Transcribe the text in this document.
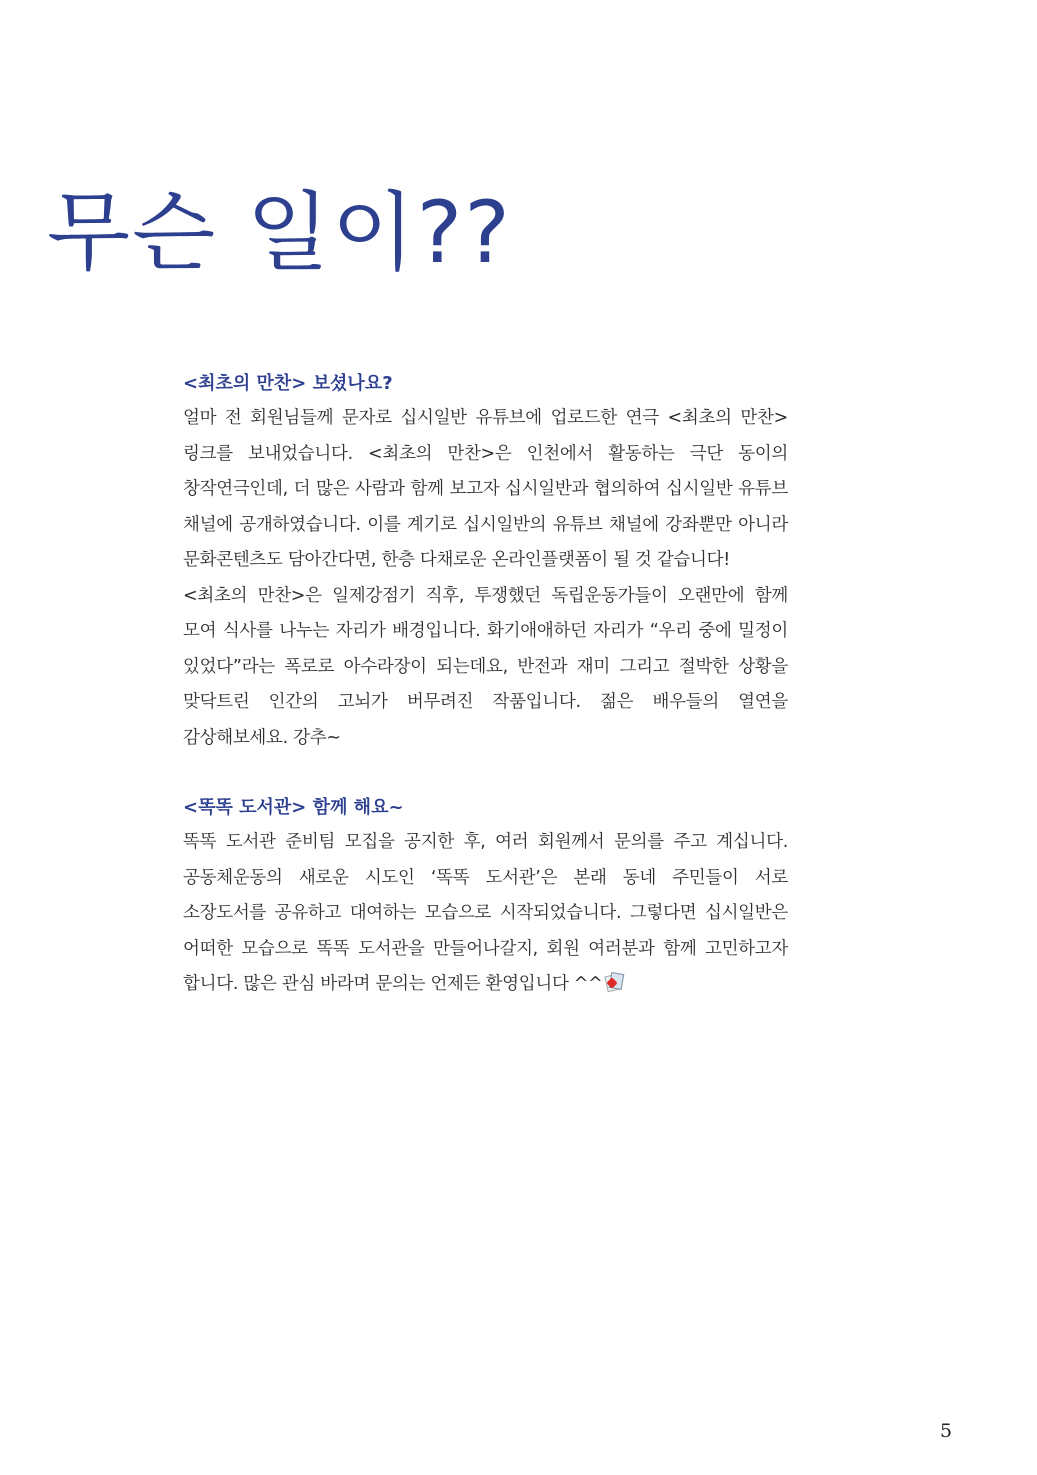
무슨 일이??
<최초의 만찬> 보셨나요?

얼마 전 회원님들께 문자로 십시일반 유튜브에 업로드한 연극 <최초의 만찬> 링크를 보내었습니다. <최초의 만찬>은 인천에서 활동하는 극단 동이의 창작연극인데, 더 많은 사람과 함께 보고자 십시일반과 협의하여 십시일반 유튜브 채널에 공개하였습니다. 이를 계기로 십시일반의 유튜브 채널에 강좌뿐만 아니라 문화콘텐츠도 담아간다면, 한층 다채로운 온라인플랫폼이 될 것 같습니다!

<최초의 만찬>은 일제강점기 직후, 투쟁했던 독립운동가들이 오랜만에 함께 모여 식사를 나누는 자리가 배경입니다. 화기애애하던 자리가 “우리 중에 밀정이 있었다”라는 폭로로 아수라장이 되는데요, 반전과 재미 그리고 절박한 상황을 맞닥트린 인간의 고뇌가 버무려진 작품입니다. 젊은 배우들의 열연을 감상해보세요. 강추~

<똑똑 도서관> 함께 해요~

똑똑 도서관 준비팀 모집을 공지한 후, 여러 회원께서 문의를 주고 계십니다. 공동체운동의 새로운 시도인 ‘똑똑 도서관’은 본래 동네 주민들이 서로 소장도서를 공유하고 대여하는 모습으로 시작되었습니다. 그렇다면 십시일반은 어떠한 모습으로 똑똑 도서관을 만들어나갈지, 회원 여러분과 함께 고민하고자 합니다. 많은 관심 바라며 문의는 언제든 환영입니다 ^^

5
